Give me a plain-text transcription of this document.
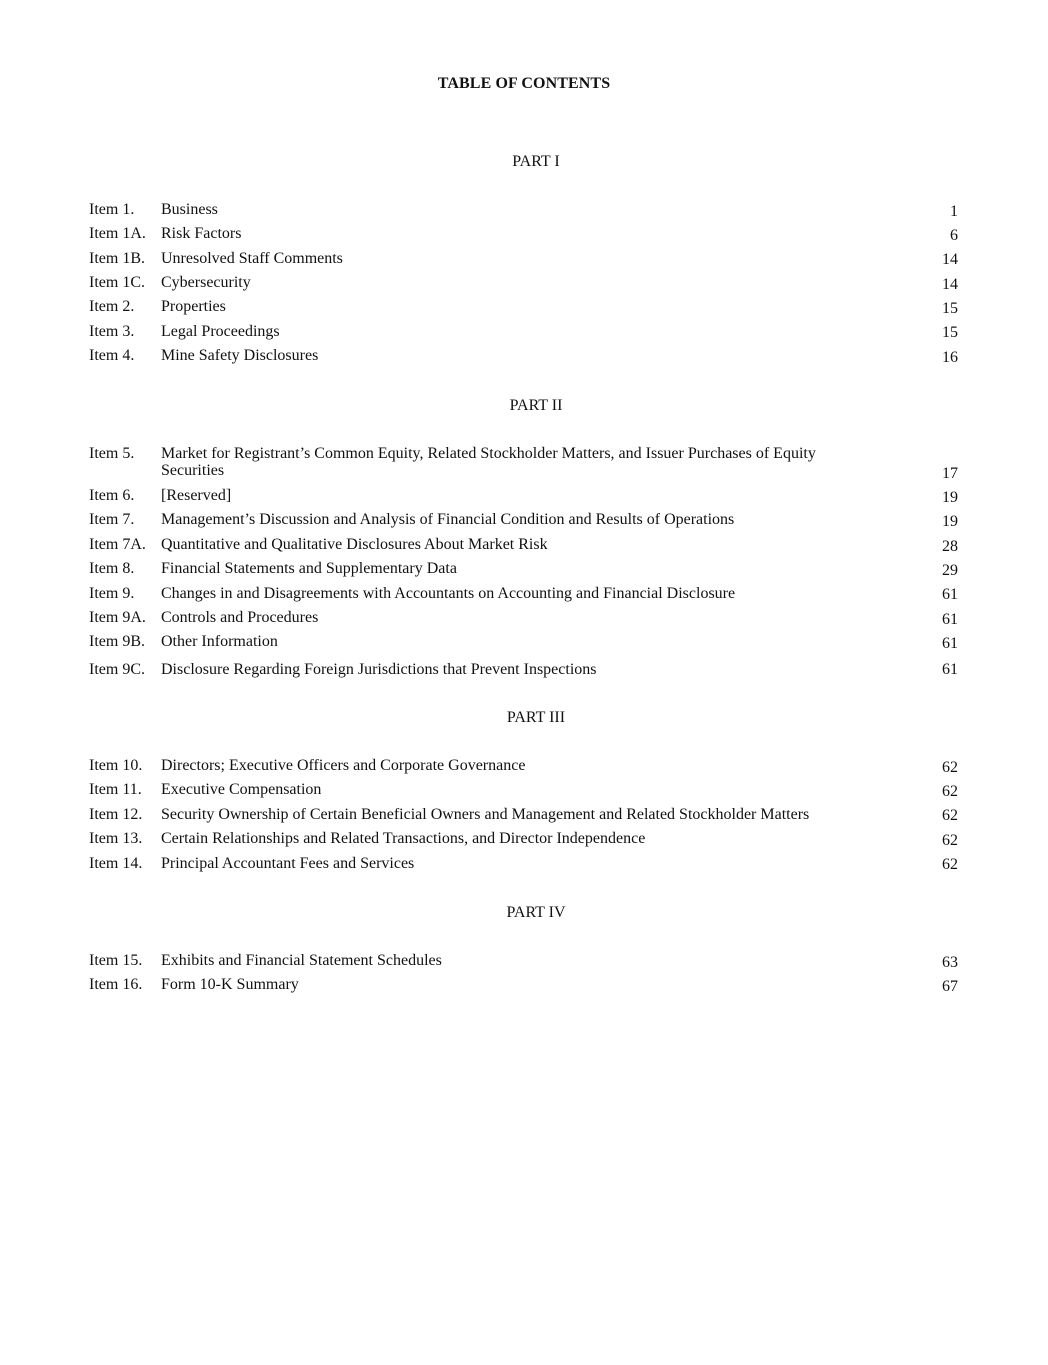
TABLE OF CONTENTS
PART I
Item 1. Business	1
Item 1A. Risk Factors	6
Item 1B. Unresolved Staff Comments	14
Item 1C. Cybersecurity	14
Item 2. Properties	15
Item 3. Legal Proceedings	15
Item 4. Mine Safety Disclosures	16
PART II
Item 5. Market for Registrant’s Common Equity, Related Stockholder Matters, and Issuer Purchases of Equity Securities	17
Item 6. [Reserved]	19
Item 7. Management’s Discussion and Analysis of Financial Condition and Results of Operations	19
Item 7A. Quantitative and Qualitative Disclosures About Market Risk	28
Item 8. Financial Statements and Supplementary Data	29
Item 9. Changes in and Disagreements with Accountants on Accounting and Financial Disclosure	61
Item 9A. Controls and Procedures	61
Item 9B. Other Information	61
Item 9C. Disclosure Regarding Foreign Jurisdictions that Prevent Inspections	61
PART III
Item 10. Directors; Executive Officers and Corporate Governance	62
Item 11. Executive Compensation	62
Item 12. Security Ownership of Certain Beneficial Owners and Management and Related Stockholder Matters	62
Item 13. Certain Relationships and Related Transactions, and Director Independence	62
Item 14. Principal Accountant Fees and Services	62
PART IV
Item 15. Exhibits and Financial Statement Schedules	63
Item 16. Form 10-K Summary	67
